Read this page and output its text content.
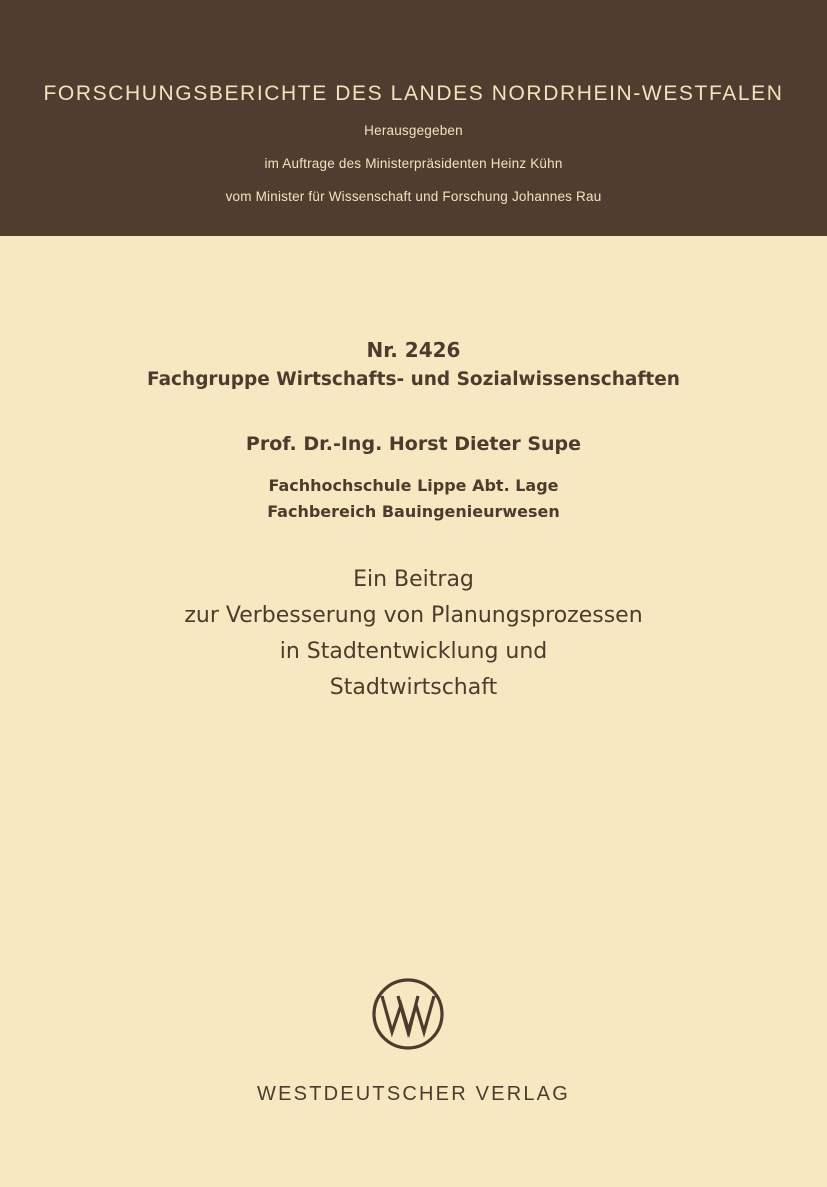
FORSCHUNGSBERICHTE DES LANDES NORDRHEIN-WESTFALEN
Herausgegeben
im Auftrage des Ministerpräsidenten Heinz Kühn
vom Minister für Wissenschaft und Forschung Johannes Rau
Nr. 2426
Fachgruppe Wirtschafts- und Sozialwissenschaften
Prof. Dr.-Ing. Horst Dieter Supe
Fachhochschule Lippe Abt. Lage
Fachbereich Bauingenieurwesen
Ein Beitrag
zur Verbesserung von Planungsprozessen
in Stadtentwicklung und
Stadtwirtschaft
WESTDEUTSCHER VERLAG
